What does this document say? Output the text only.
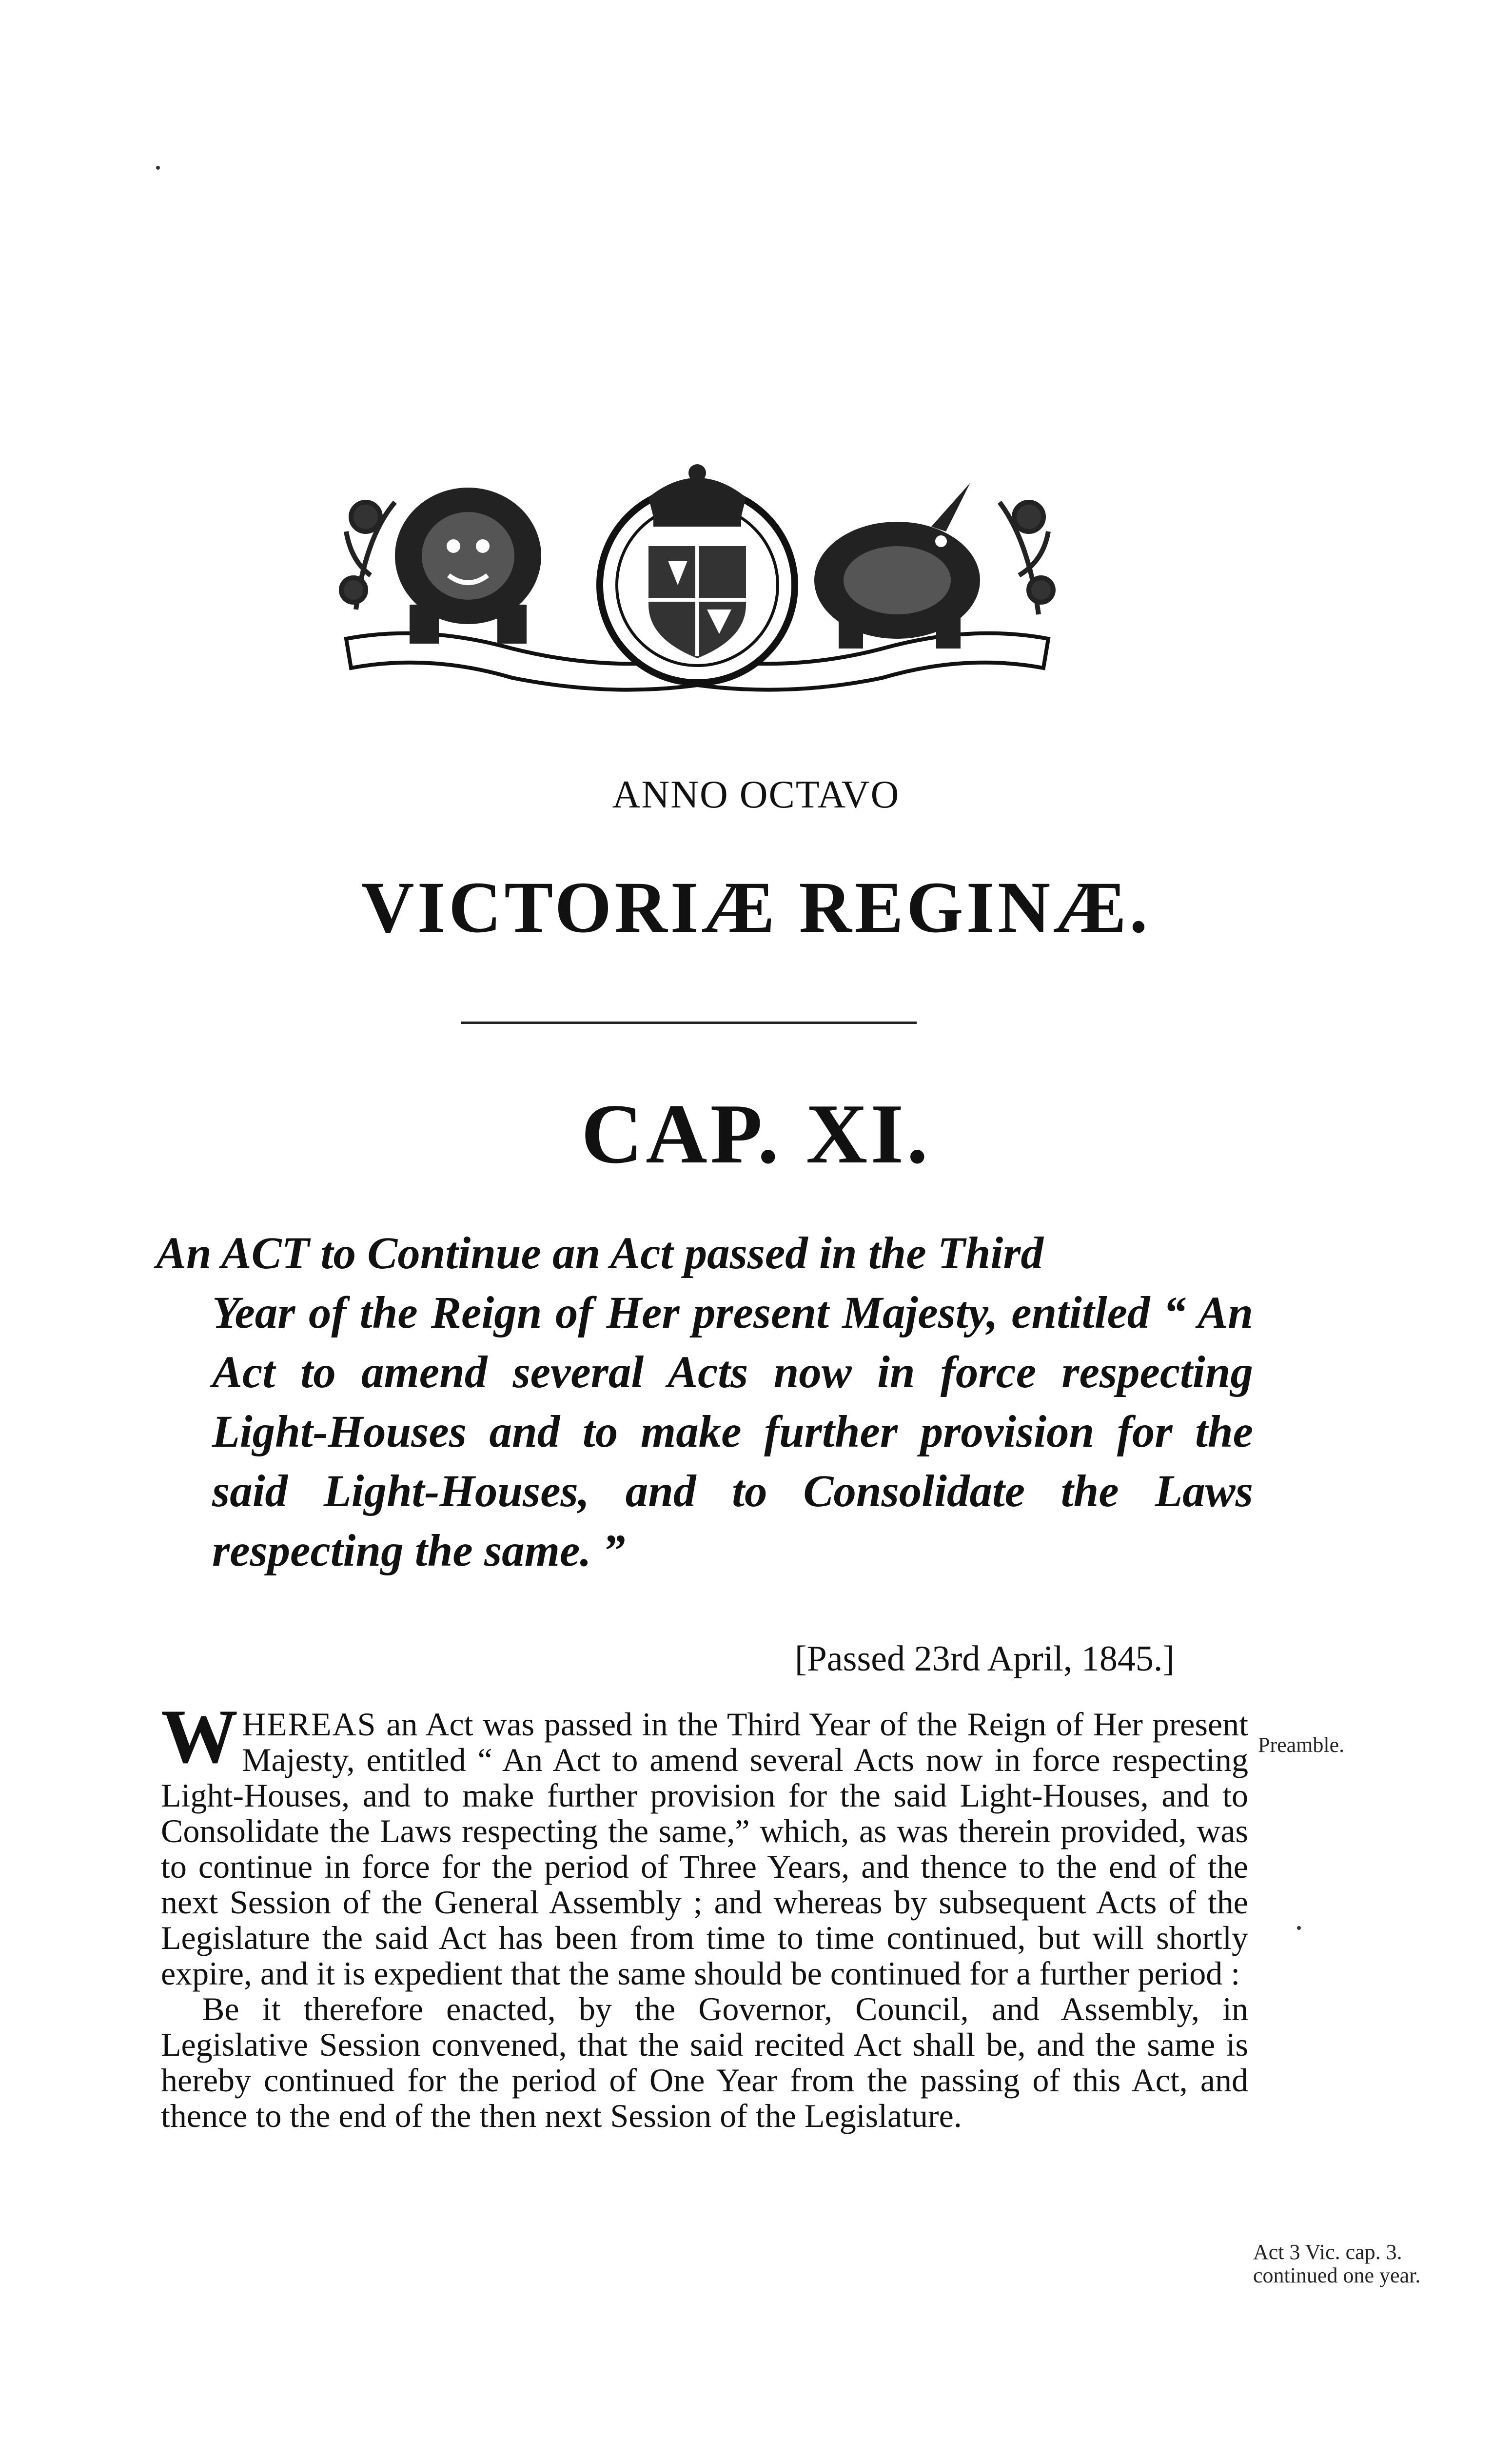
ANNO OCTAVO
VICTORIÆ REGINÆ.
CAP. XI.
An ACT to Continue an Act passed in the Third
Year of the Reign of Her present Majesty, entitled “ An Act to amend several Acts now in force respecting Light-Houses and to make further provision for the said Light-Houses, and to Consolidate the Laws respecting the same. ”
[Passed 23rd April, 1845.]
WHEREAS an Act was passed in the Third Year of the Reign of Her present Majesty, entitled “ An Act to amend several Acts now in force respecting Light-Houses, and to make further provision for the said Light-Houses, and to Consolidate the Laws respecting the same,” which, as was therein provided, was to continue in force for the period of Three Years, and thence to the end of the next Session of the General Assembly ; and whereas by subsequent Acts of the Legislature the said Act has been from time to time continued, but will shortly expire, and it is expedient that the same should be continued for a further period :
Be it therefore enacted, by the Governor, Council, and Assembly, in Legislative Session convened, that the said recited Act shall be, and the same is hereby continued for the period of One Year from the passing of this Act, and thence to the end of the then next Session of the Legislature.
Preamble.
Act 3 Vic. cap. 3. continued one year.
